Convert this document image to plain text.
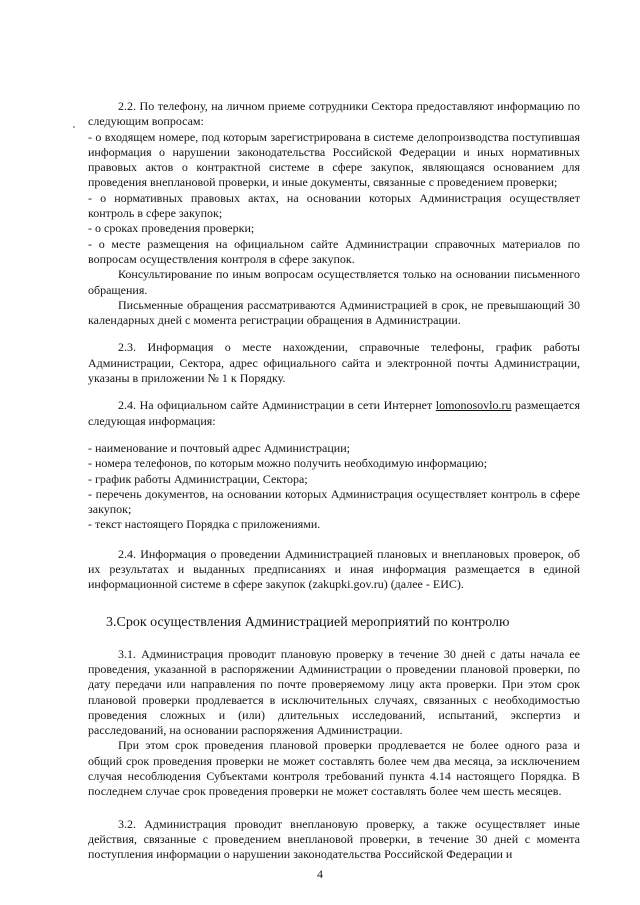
2.2. По телефону, на личном приеме сотрудники Сектора предоставляют информацию по следующим вопросам:

- о входящем номере, под которым зарегистрирована в системе делопроизводства поступившая информация о нарушении законодательства Российской Федерации и иных нормативных правовых актов о контрактной системе в сфере закупок, являющаяся основанием для проведения внеплановой проверки, и иные документы, связанные с проведением проверки;

- о нормативных правовых актах, на основании которых Администрация осуществляет контроль в сфере закупок;

- о сроках проведения проверки;

- о месте размещения на официальном сайте Администрации справочных материалов по вопросам осуществления контроля в сфере закупок.

Консультирование по иным вопросам осуществляется только на основании письменного обращения.

Письменные обращения рассматриваются Администрацией в срок, не превышающий 30 календарных дней с момента регистрации обращения в Администрации.

2.3. Информация о месте нахождении, справочные телефоны, график работы Администрации, Сектора, адрес официального сайта и электронной почты Администрации, указаны в приложении № 1 к Порядку.

2.4. На официальном сайте Администрации в сети Интернет lomonosovlo.ru размещается следующая информация:

- наименование и почтовый адрес Администрации;

- номера телефонов, по которым можно получить необходимую информацию;

- график работы Администрации, Сектора;

- перечень документов, на основании которых Администрация осуществляет контроль в сфере закупок;

- текст настоящего Порядка с приложениями.

2.4. Информация о проведении Администрацией плановых и внеплановых проверок, об их результатах и выданных предписаниях и иная информация размещается в единой информационной системе в сфере закупок (zakupki.gov.ru) (далее - ЕИС).

3.Срок осуществления Администрацией мероприятий по контролю

3.1. Администрация проводит плановую проверку в течение 30 дней с даты начала ее проведения, указанной в распоряжении Администрации о проведении плановой проверки, по дату передачи или направления по почте проверяемому лицу акта проверки. При этом срок плановой проверки продлевается в исключительных случаях, связанных с необходимостью проведения сложных и (или) длительных исследований, испытаний, экспертиз и расследований, на основании распоряжения Администрации.

При этом срок проведения плановой проверки продлевается не более одного раза и общий срок проведения проверки не может составлять более чем два месяца, за исключением случая несоблюдения Субъектами контроля требований пункта 4.14 настоящего Порядка. В последнем случае срок проведения проверки не может составлять более чем шесть месяцев.

3.2. Администрация проводит внеплановую проверку, а также осуществляет иные действия, связанные с проведением внеплановой проверки, в течение 30 дней с момента поступления информации о нарушении законодательства Российской Федерации и

4
